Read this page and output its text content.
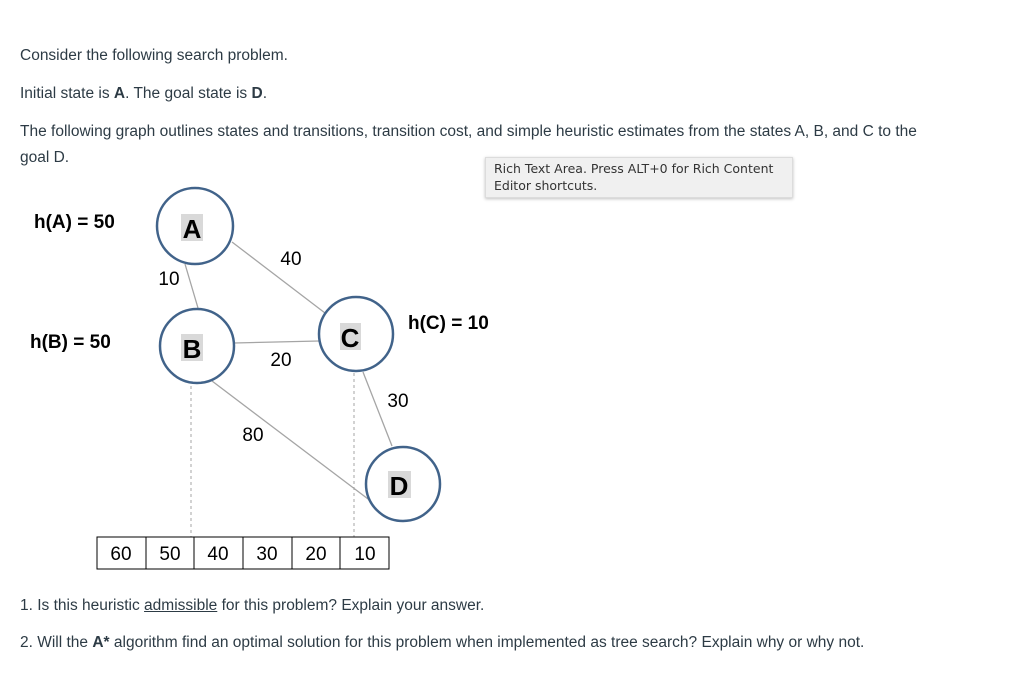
Consider the following search problem.

Initial state is A. The goal state is D.

The following graph outlines states and transitions, transition cost, and simple heuristic estimates from the states A, B, and C to the
goal D.

Rich Text Area. Press ALT+0 for Rich Content
Editor shortcuts.
10
40
20
80
30
h(A) = 50
h(B) = 50
h(C) = 10
A
B	C
D
60 50 40 30 20 10

1. Is this heuristic admissible for this problem? Explain your answer.

2. Will the A* algorithm find an optimal solution for this problem when implemented as tree search? Explain why or why not.
